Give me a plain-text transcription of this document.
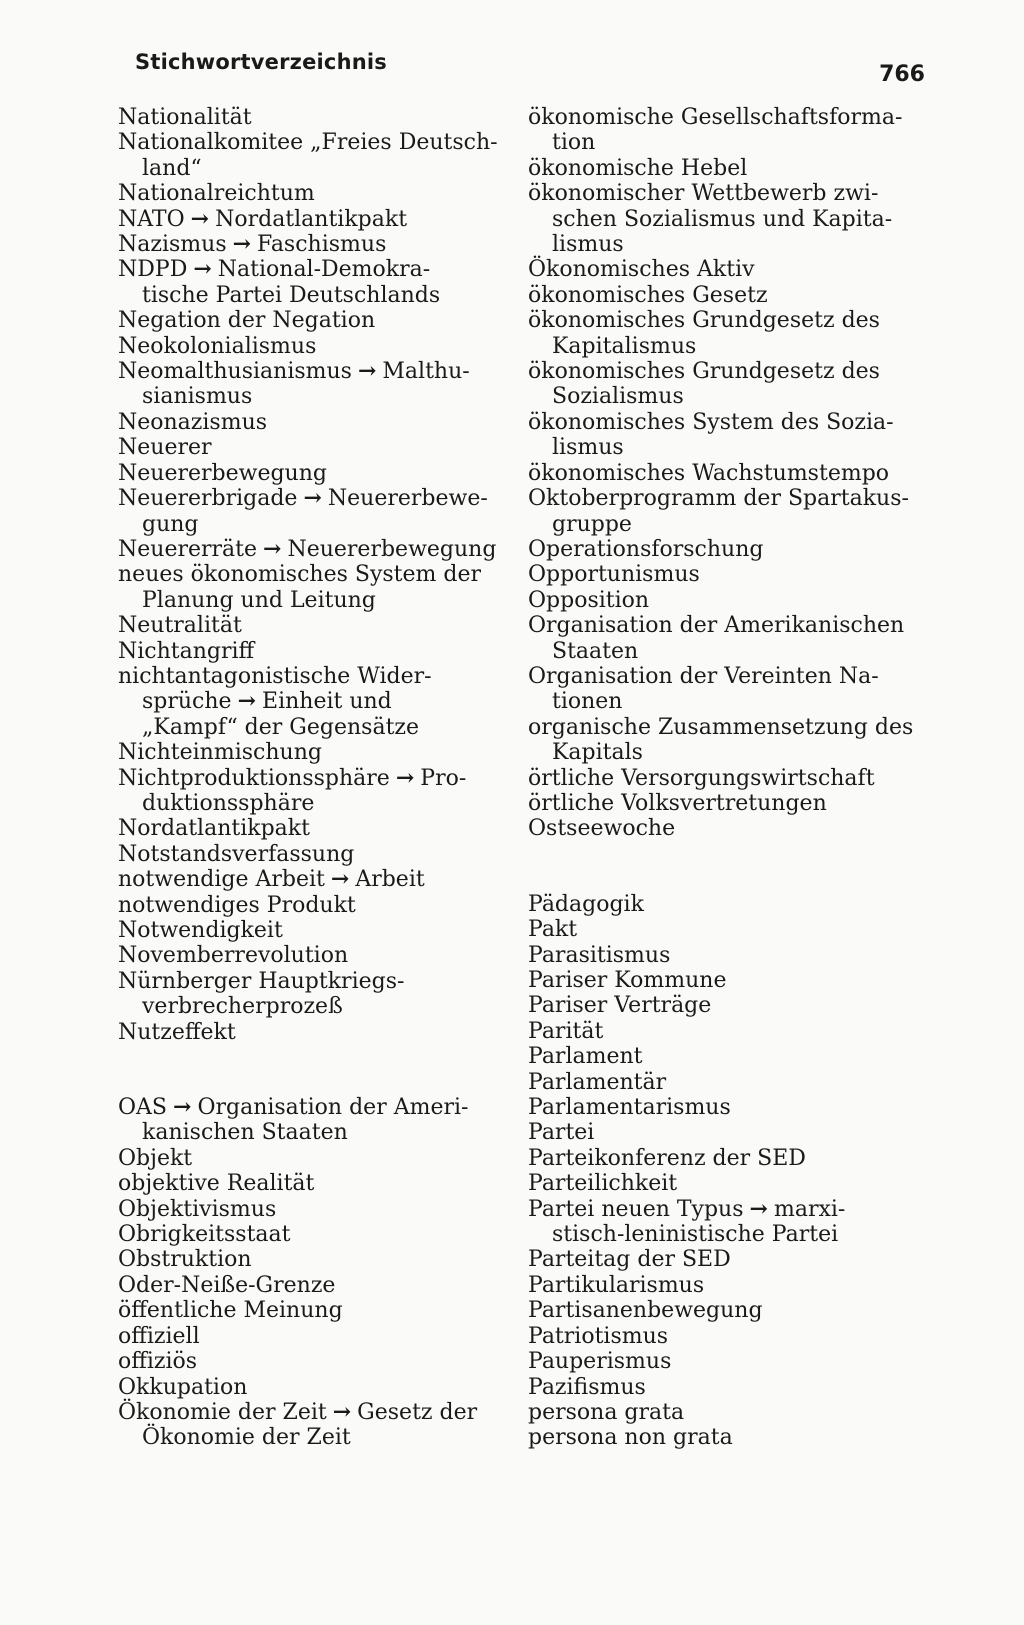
Stichwortverzeichnis	766

Nationalität

Nationalkomitee „Freies Deutsch-
land“

Nationalreichtum

NATO → Nordatlantikpakt

Nazismus → Faschismus

NDPD → National-Demokra-
tische Partei Deutschlands

Negation der Negation

Neokolonialismus

Neomalthusianismus → Malthu-
sianismus

Neonazismus

Neuerer

Neuererbewegung

Neuererbrigade → Neuererbewe-
gung

Neuererräte → Neuererbewegung

neues ökonomisches System der
Planung und Leitung

Neutralität

Nichtangriff

nichtantagonistische Wider-

sprüche → Einheit und
„Kampf“ der Gegensätze

Nichteinmischung

Nichtproduktionssphäre → Pro-
duktionssphäre

Nordatlantikpakt

Notstandsverfassung

notwendige Arbeit → Arbeit

notwendiges Produkt

Notwendigkeit

Novemberrevolution

Nürnberger Hauptkriegs-
verbrecherprozeß

Nutzeffekt

OAS → Organisation der Ameri-
kanischen Staaten

Objekt

objektive Realität

Objektivismus

Obrigkeitsstaat

Obstruktion

Oder-Neiße-Grenze

öffentliche Meinung

offiziell

offiziös

Okkupation

Ökonomie der Zeit → Gesetz der
Ökonomie der Zeit

ökonomische Gesellschaftsforma-
tion

ökonomische Hebel

ökonomischer Wettbewerb zwi-
schen Sozialismus und Kapita-
lismus

Ökonomisches Aktiv

ökonomisches Gesetz

ökonomisches Grundgesetz des
Kapitalismus

ökonomisches Grundgesetz des
Sozialismus

ökonomisches System des Sozia-
lismus

ökonomisches Wachstumstempo

Oktoberprogramm der Spartakus-
gruppe

Operationsforschung

Opportunismus

Opposition

Organisation der Amerikanischen
Staaten

Organisation der Vereinten Na-
tionen

organische Zusammensetzung des
Kapitals

örtliche Versorgungswirtschaft

örtliche Volksvertretungen

Ostseewoche

Pädagogik

Pakt

Parasitismus

Pariser Kommune

Pariser Verträge

Parität

Parlament

Parlamentär

Parlamentarismus

Partei

Parteikonferenz der SED

Parteilichkeit

Partei neuen Typus → marxi-
stisch-leninistische Partei

Parteitag der SED

Partikularismus

Partisanenbewegung

Patriotismus

Pauperismus

Pazifismus

persona grata

persona non grata
